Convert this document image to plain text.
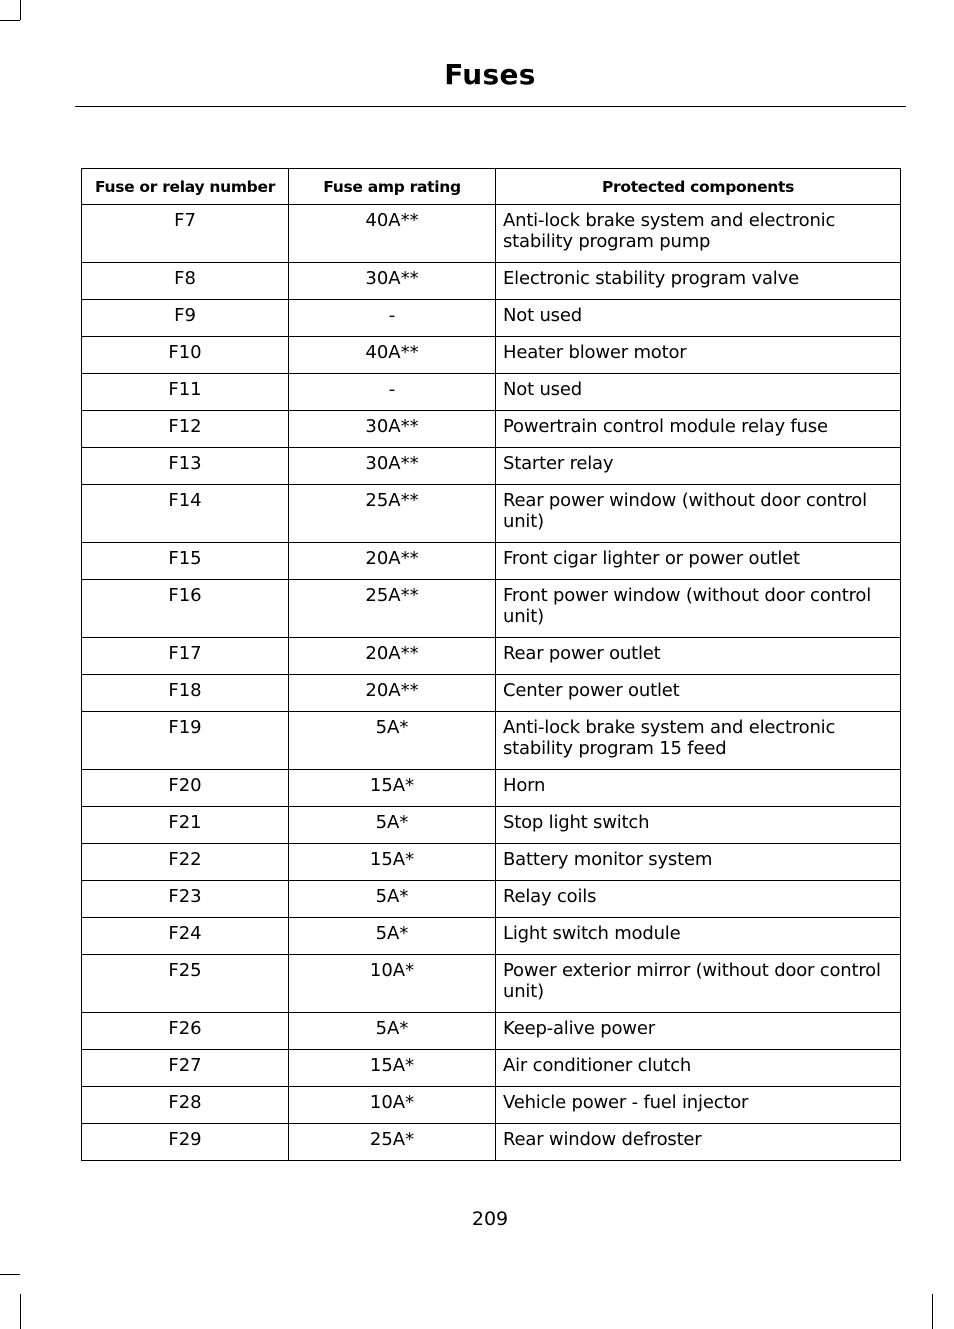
Fuses
Fuse or relay number	Fuse amp rating	Protected components
F7	40A**	Anti-lock brake system and electronic stability program pump
F8	30A**	Electronic stability program valve
F9	-	Not used
F10	40A**	Heater blower motor
F11	-	Not used
F12	30A**	Powertrain control module relay fuse
F13	30A**	Starter relay
F14	25A**	Rear power window (without door control unit)
F15	20A**	Front cigar lighter or power outlet
F16	25A**	Front power window (without door control unit)
F17	20A**	Rear power outlet
F18	20A**	Center power outlet
F19	5A*	Anti-lock brake system and electronic stability program 15 feed
F20	15A*	Horn
F21	5A*	Stop light switch
F22	15A*	Battery monitor system
F23	5A*	Relay coils
F24	5A*	Light switch module
F25	10A*	Power exterior mirror (without door control unit)
F26	5A*	Keep-alive power
F27	15A*	Air conditioner clutch
F28	10A*	Vehicle power - fuel injector
F29	25A*	Rear window defroster
209
